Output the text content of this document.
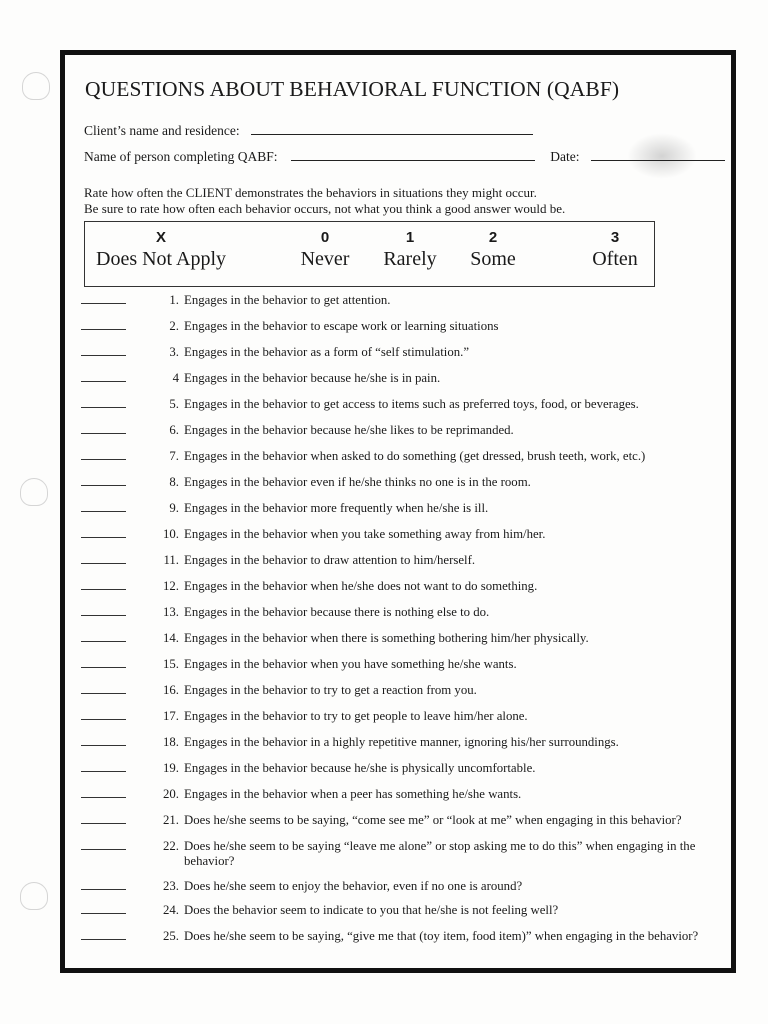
QUESTIONS ABOUT BEHAVIORAL FUNCTION (QABF)
Client’s name and residence:
Name of person completing QABF:	Date:
Rate how often the CLIENT demonstrates the behaviors in situations they might occur.
Be sure to rate how often each behavior occurs, not what you think a good answer would be.
X
Does Not Apply
0
Never
1
Rarely
2
Some
3
Often
1. Engages in the behavior to get attention.
2. Engages in the behavior to escape work or learning situations
3. Engages in the behavior as a form of “self stimulation.”
4 Engages in the behavior because he/she is in pain.
5. Engages in the behavior to get access to items such as preferred toys, food, or beverages.
6. Engages in the behavior because he/she likes to be reprimanded.
7. Engages in the behavior when asked to do something (get dressed, brush teeth, work, etc.)
8. Engages in the behavior even if he/she thinks no one is in the room.
9. Engages in the behavior more frequently when he/she is ill.
10. Engages in the behavior when you take something away from him/her.
11. Engages in the behavior to draw attention to him/herself.
12. Engages in the behavior when he/she does not want to do something.
13. Engages in the behavior because there is nothing else to do.
14. Engages in the behavior when there is something bothering him/her physically.
15. Engages in the behavior when you have something he/she wants.
16. Engages in the behavior to try to get a reaction from you.
17. Engages in the behavior to try to get people to leave him/her alone.
18. Engages in the behavior in a highly repetitive manner, ignoring his/her surroundings.
19. Engages in the behavior because he/she is physically uncomfortable.
20. Engages in the behavior when a peer has something he/she wants.
21. Does he/she seems to be saying, “come see me” or “look at me” when engaging in this behavior?
22. Does he/she seem to be saying “leave me alone” or stop asking me to do this” when engaging in the behavior?
23. Does he/she seem to enjoy the behavior, even if no one is around?
24. Does the behavior seem to indicate to you that he/she is not feeling well?
25. Does he/she seem to be saying, “give me that (toy item, food item)” when engaging in the behavior?
